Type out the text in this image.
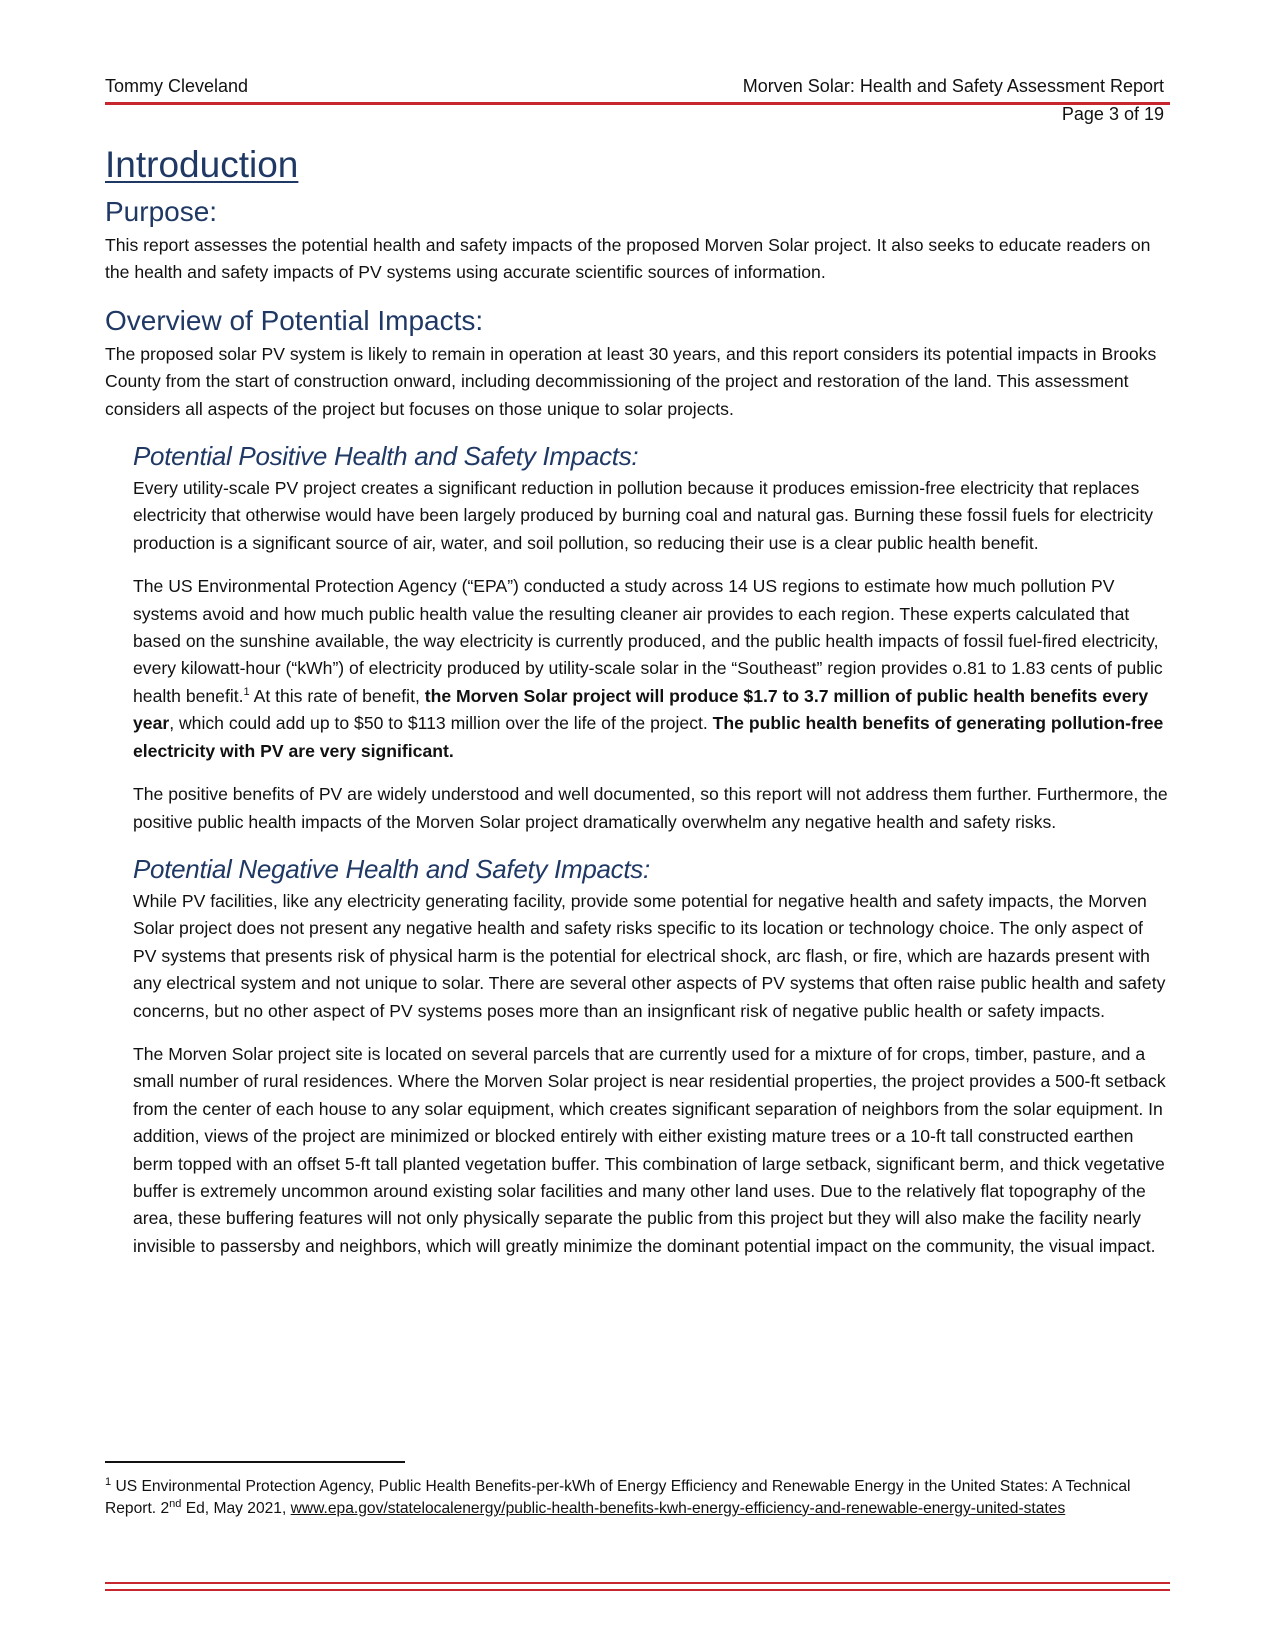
Tommy Cleveland	Morven Solar: Health and Safety Assessment Report
Page 3 of 19
Introduction
Purpose:

This report assesses the potential health and safety impacts of the proposed Morven Solar project. It also seeks to educate readers on the health and safety impacts of PV systems using accurate scientific sources of information.

Overview of Potential Impacts:

The proposed solar PV system is likely to remain in operation at least 30 years, and this report considers its potential impacts in Brooks County from the start of construction onward, including decommissioning of the project and restoration of the land. This assessment considers all aspects of the project but focuses on those unique to solar projects.

Potential Positive Health and Safety Impacts:

Every utility-scale PV project creates a significant reduction in pollution because it produces emission-free electricity that replaces electricity that otherwise would have been largely produced by burning coal and natural gas. Burning these fossil fuels for electricity production is a significant source of air, water, and soil pollution, so reducing their use is a clear public health benefit.

The US Environmental Protection Agency (“EPA”) conducted a study across 14 US regions to estimate how much pollution PV systems avoid and how much public health value the resulting cleaner air provides to each region. These experts calculated that based on the sunshine available, the way electricity is currently produced, and the public health impacts of fossil fuel-fired electricity, every kilowatt-hour (“kWh”) of electricity produced by utility-scale solar in the “Southeast” region provides o.81 to 1.83 cents of public health benefit.$^1$ At this rate of benefit, the Morven Solar project will produce $1.7 to 3.7 million of public health benefits every year, which could add up to $50 to $113 million over the life of the project. The public health benefits of generating pollution-free electricity with PV are very significant.

The positive benefits of PV are widely understood and well documented, so this report will not address them further. Furthermore, the positive public health impacts of the Morven Solar project dramatically overwhelm any negative health and safety risks.

Potential Negative Health and Safety Impacts:

While PV facilities, like any electricity generating facility, provide some potential for negative health and safety impacts, the Morven Solar project does not present any negative health and safety risks specific to its location or technology choice. The only aspect of PV systems that presents risk of physical harm is the potential for electrical shock, arc flash, or fire, which are hazards present with any electrical system and not unique to solar. There are several other aspects of PV systems that often raise public health and safety concerns, but no other aspect of PV systems poses more than an insignficant risk of negative public health or safety impacts.

The Morven Solar project site is located on several parcels that are currently used for a mixture of for crops, timber, pasture, and a small number of rural residences. Where the Morven Solar project is near residential properties, the project provides a 500-ft setback from the center of each house to any solar equipment, which creates significant separation of neighbors from the solar equipment. In addition, views of the project are minimized or blocked entirely with either existing mature trees or a 10-ft tall constructed earthen berm topped with an offset 5-ft tall planted vegetation buffer. This combination of large setback, significant berm, and thick vegetative buffer is extremely uncommon around existing solar facilities and many other land uses. Due to the relatively flat topography of the area, these buffering features will not only physically separate the public from this project but they will also make the facility nearly invisible to passersby and neighbors, which will greatly minimize the dominant potential impact on the community, the visual impact.

$^1$ US Environmental Protection Agency, Public Health Benefits-per-kWh of Energy Efficiency and Renewable Energy in the United States: A Technical Report. 2nd Ed, May 2021, www.epa.gov/statelocalenergy/public-health-benefits-kwh-energy-efficiency-and-renewable-energy-united-states
